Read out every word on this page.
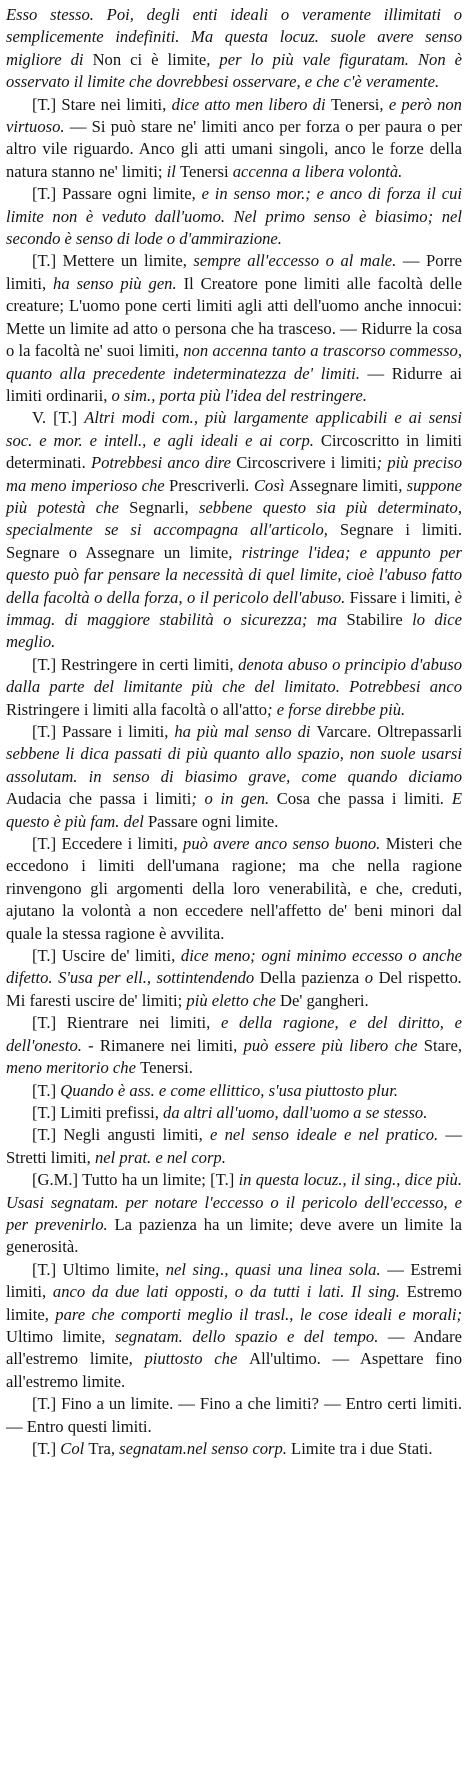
Esso stesso. Poi, degli enti ideali o veramente illimitati o semplicemente indefiniti. Ma questa locuz. suole avere senso migliore di Non ci è limite, per lo più vale figuratam. Non è osservato il limite che dovrebbesi osservare, e che c'è veramente.

[T.] Stare nei limiti, dice atto men libero di Tenersi, e però non virtuoso. — Si può stare ne' limiti anco per forza o per paura o per altro vile riguardo. Anco gli atti umani singoli, anco le forze della natura stanno ne' limiti; il Tenersi accenna a libera volontà.

[T.] Passare ogni limite, e in senso mor.; e anco di forza il cui limite non è veduto dall'uomo. Nel primo senso è biasimo; nel secondo è senso di lode o d'ammirazione.

[T.] Mettere un limite, sempre all'eccesso o al male. — Porre limiti, ha senso più gen. Il Creatore pone limiti alle facoltà delle creature; L'uomo pone certi limiti agli atti dell'uomo anche innocui: Mette un limite ad atto o persona che ha trasceso. — Ridurre la cosa o la facoltà ne' suoi limiti, non accenna tanto a trascorso commesso, quanto alla precedente indeterminatezza de' limiti. — Ridurre ai limiti ordinarii, o sim., porta più l'idea del restringere.

V. [T.] Altri modi com., più largamente applicabili e ai sensi soc. e mor. e intell., e agli ideali e ai corp. Circoscritto in limiti determinati. Potrebbesi anco dire Circoscrivere i limiti; più preciso ma meno imperioso che Prescriverli. Così Assegnare limiti, suppone più potestà che Segnarli, sebbene questo sia più determinato, specialmente se si accompagna all'articolo, Segnare i limiti. Segnare o Assegnare un limite, ristringe l'idea; e appunto per questo può far pensare la necessità di quel limite, cioè l'abuso fatto della facoltà o della forza, o il pericolo dell'abuso. Fissare i limiti, è immag. di maggiore stabilità o sicurezza; ma Stabilire lo dice meglio.

[T.] Restringere in certi limiti, denota abuso o principio d'abuso dalla parte del limitante più che del limitato. Potrebbesi anco Ristringere i limiti alla facoltà o all'atto; e forse direbbe più.

[T.] Passare i limiti, ha più mal senso di Varcare. Oltrepassarli sebbene li dica passati di più quanto allo spazio, non suole usarsi assolutam. in senso di biasimo grave, come quando diciamo Audacia che passa i limiti; o in gen. Cosa che passa i limiti. E questo è più fam. del Passare ogni limite.

[T.] Eccedere i limiti, può avere anco senso buono. Misteri che eccedono i limiti dell'umana ragione; ma che nella ragione rinvengono gli argomenti della loro venerabilità, e che, creduti, ajutano la volontà a non eccedere nell'affetto de' beni minori dal quale la stessa ragione è avvilita.

[T.] Uscire de' limiti, dice meno; ogni minimo eccesso o anche difetto. S'usa per ell., sottintendendo Della pazienza o Del rispetto. Mi faresti uscire de' limiti; più eletto che De' gangheri.

[T.] Rientrare nei limiti, e della ragione, e del diritto, e dell'onesto. - Rimanere nei limiti, può essere più libero che Stare, meno meritorio che Tenersi.

[T.] Quando è ass. e come ellittico, s'usa piuttosto plur.

[T.] Limiti prefissi, da altri all'uomo, dall'uomo a se stesso.

[T.] Negli angusti limiti, e nel senso ideale e nel pratico. — Stretti limiti, nel prat. e nel corp.

[G.M.] Tutto ha un limite; [T.] in questa locuz., il sing., dice più. Usasi segnatam. per notare l'eccesso o il pericolo dell'eccesso, e per prevenirlo. La pazienza ha un limite; deve avere un limite la generosità.

[T.] Ultimo limite, nel sing., quasi una linea sola. — Estremi limiti, anco da due lati opposti, o da tutti i lati. Il sing. Estremo limite, pare che comporti meglio il trasl., le cose ideali e morali; Ultimo limite, segnatam. dello spazio e del tempo. — Andare all'estremo limite, piuttosto che All'ultimo. — Aspettare fino all'estremo limite.

[T.] Fino a un limite. — Fino a che limiti? — Entro certi limiti. — Entro questi limiti.

[T.] Col Tra, segnatam.nel senso corp. Limite tra i due Stati.
